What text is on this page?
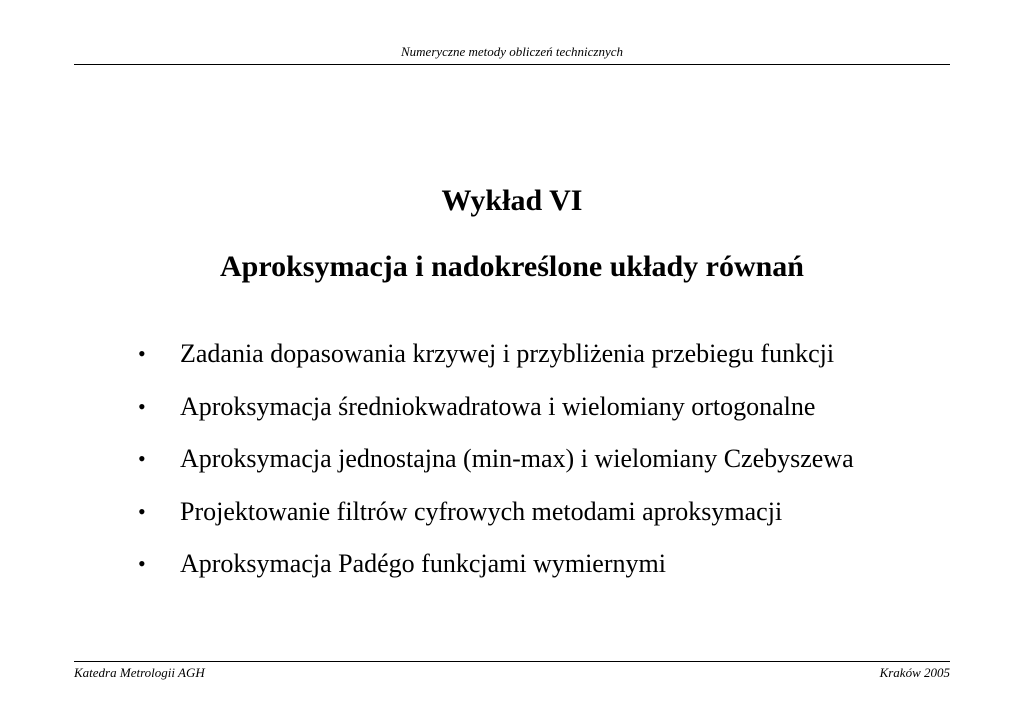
Numeryczne metody obliczeń technicznych
Wykład VI
Aproksymacja i nadokreślone układy równań
•	Zadania dopasowania krzywej i przybliżenia przebiegu funkcji
•	Aproksymacja średniokwadratowa i wielomiany ortogonalne
•	Aproksymacja jednostajna (min-max) i wielomiany Czebyszewa
•	Projektowanie filtrów cyfrowych metodami aproksymacji
•	Aproksymacja Padégo funkcjami wymiernymi
Katedra Metrologii AGH	Kraków 2005
